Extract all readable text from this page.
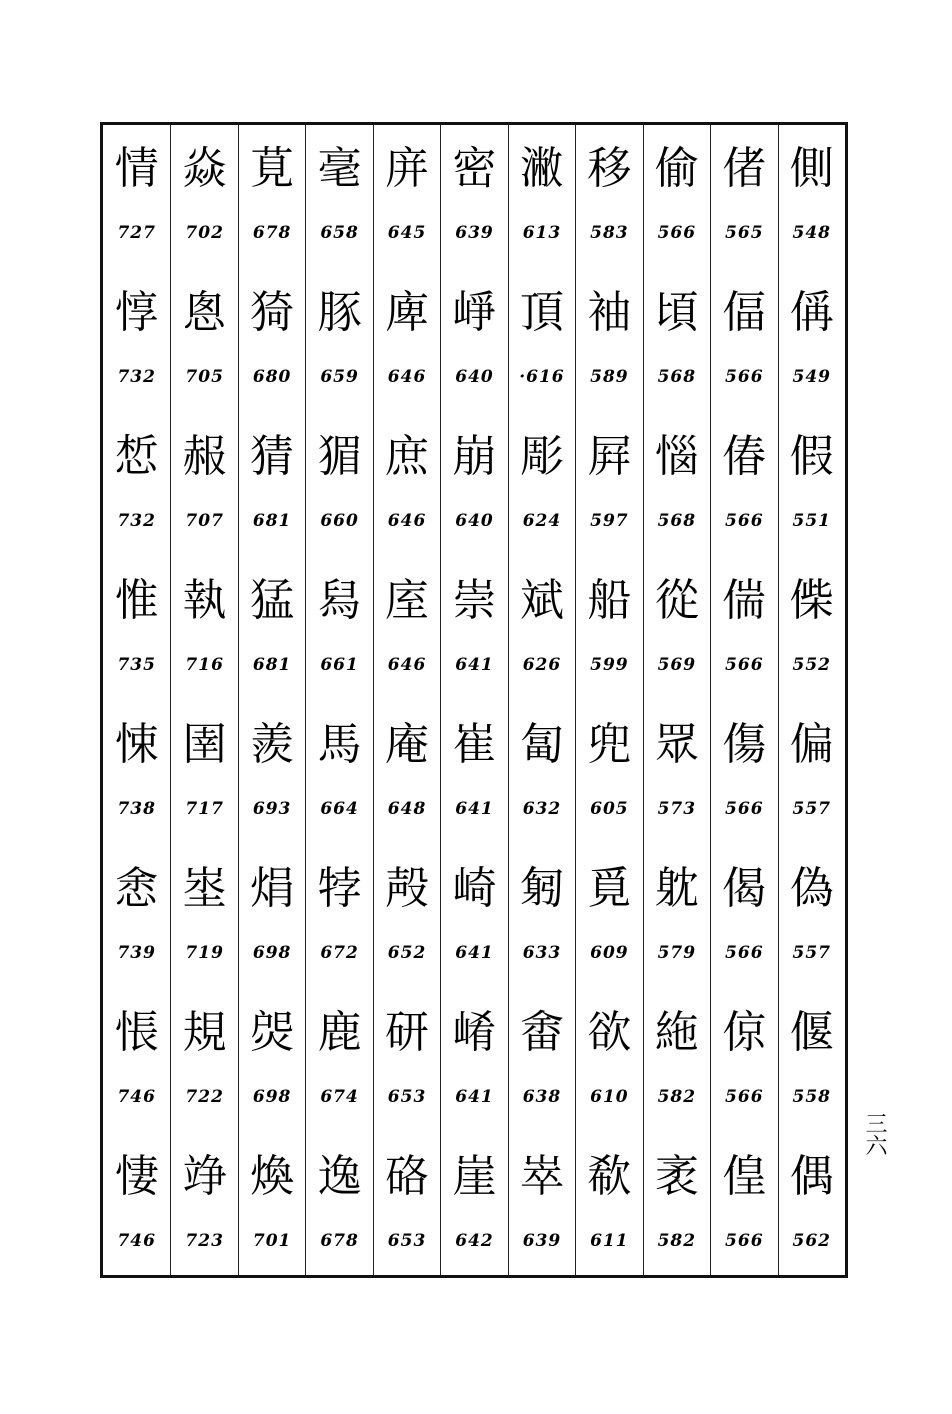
情
727
惇
732
惁
732
惟
735
悚
738
悆
739
悵
746
悽
746
焱
702
悤
705
赧
707
執
716
圉
717
埊
719
規
722
竫
723
莧
678
猗
680
猜
681
猛
681
羨
693
焆
698
焈
698
煥
701
毫
658
豚
659
猸
660
舄
661
馬
664
㹀
672
鹿
674
逸
678
庰
645
庳
646
庶
646
庢
646
庵
648
殸
652
研
653
硌
653
密
639
崢
640
崩
640
崇
641
崔
641
崎
641
崤
641
崖
642
潎
613
頂
·616
彫
624
斌
626
匐
632
匑
633
畬
638
崒
639
移
583
袖
589
屛
597
船
599
兜
605
覓
609
欲
610
欷
611
偷
566
頃
568
惱
568
從
569
眾
573
躭
579
絁
582
袤
582
偖
565
偪
566
偆
566
偳
566
傷
566
偈
566
倞
566
偟
566
側
548
偁
549
假
551
偨
552
偏
557
偽
557
偃
558
偶
562
三六
